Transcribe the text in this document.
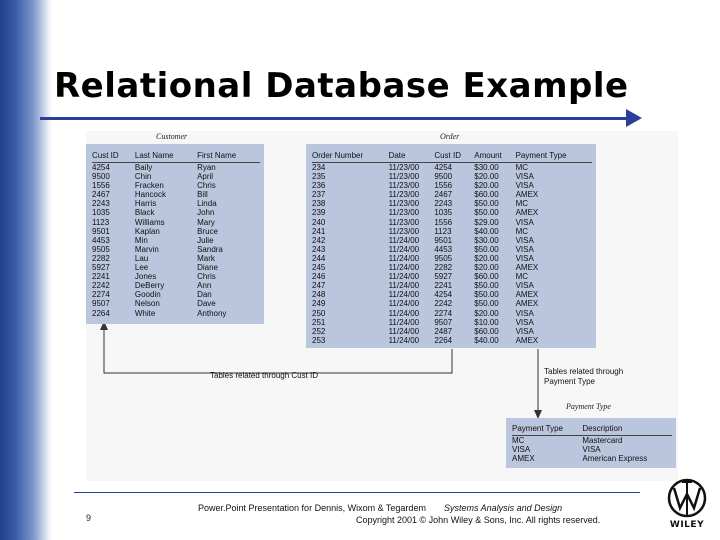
Relational Database Example
Customer
Cust ID	Last Name	First Name
4254	Baily	Ryan
9500	Chin	April
1556	Fracken	Chris
2467	Hancock	Bill
2243	Harris	Linda
1035	Black	John
1123	Williams	Mary
9501	Kaplan	Bruce
4453	Min	Julie
9505	Marvin	Sandra
2282	Lau	Mark
5927	Lee	Diane
2241	Jones	Chris
2242	DeBerry	Ann
2274	Goodin	Dan
9507	Nelson	Dave
2264	White	Anthony
Order
Order Number	Date	Cust ID	Amount	Payment Type
234	11/23/00	4254	$30.00	MC
235	11/23/00	9500	$20.00	VISA
236	11/23/00	1556	$20.00	VISA
237	11/23/00	2467	$60.00	AMEX
238	11/23/00	2243	$50.00	MC
239	11/23/00	1035	$50.00	AMEX
240	11/23/00	1556	$29.00	VISA
241	11/23/00	1123	$40.00	MC
242	11/24/00	9501	$30.00	VISA
243	11/24/00	4453	$50.00	VISA
244	11/24/00	9505	$20.00	VISA
245	11/24/00	2282	$20.00	AMEX
246	11/24/00	5927	$60.00	MC
247	11/24/00	2241	$50.00	VISA
248	11/24/00	4254	$50.00	AMEX
249	11/24/00	2242	$50.00	AMEX
250	11/24/00	2274	$20.00	VISA
251	11/24/00	9507	$10.00	VISA
252	11/24/00	2487	$60.00	VISA
253	11/24/00	2264	$40.00	AMEX
Tables related through Cust ID	Tables related through
Payment Type
Payment Type
Payment Type	Description
MC	Mastercard
VISA	VISA
AMEX	American Express
9
Power.Point Presentation for Dennis, Wixom & Tegardem Systems Analysis and Design
Copyright 2001 © John Wiley & Sons, Inc. All rights reserved.	WILEY
